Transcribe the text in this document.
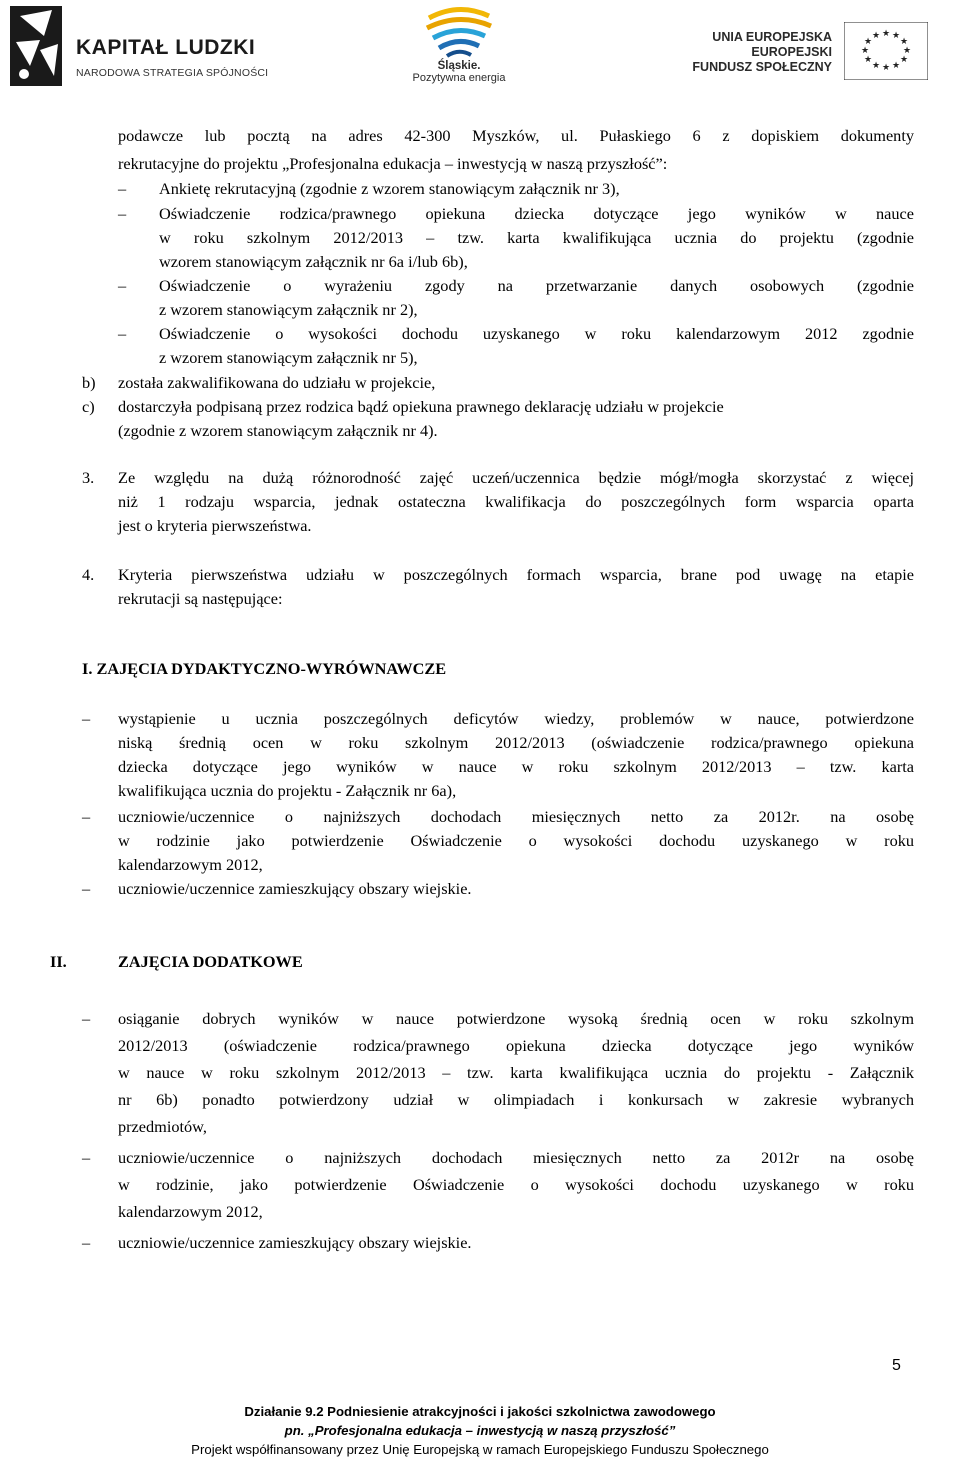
KAPITAŁ LUDZKI
NARODOWA STRATEGIA SPÓJNOŚCI
Śląskie.
Pozytywna energia
UNIA EUROPEJSKA
EUROPEJSKI
FUNDUSZ SPOŁECZNY
★ ★
★
★
★
★
★
★
★
★
★
★
podawcze lub pocztą na adres 42-300 Myszków, ul. Pułaskiego 6 z dopiskiem dokumenty
rekrutacyjne do projektu „Profesjonalna edukacja – inwestycją w naszą przyszłość”:
– Ankietę rekrutacyjną (zgodnie z wzorem stanowiącym załącznik nr 3),
– Oświadczenie rodzica/prawnego opiekuna dziecka dotyczące jego wyników w nauce
w roku szkolnym 2012/2013 – tzw. karta kwalifikująca ucznia do projektu (zgodnie
wzorem stanowiącym załącznik nr 6a i/lub 6b),
– Oświadczenie o wyrażeniu zgody na przetwarzanie danych osobowych (zgodnie
z wzorem stanowiącym załącznik nr 2),
– Oświadczenie o wysokości dochodu uzyskanego w roku kalendarzowym 2012 zgodnie
z wzorem stanowiącym załącznik nr 5),
b) została zakwalifikowana do udziału w projekcie,
c) dostarczyła podpisaną przez rodzica bądź opiekuna prawnego deklarację udziału w projekcie
(zgodnie z wzorem stanowiącym załącznik nr 4).
3. Ze względu na dużą różnorodność zajęć uczeń/uczennica będzie mógł/mogła skorzystać z więcej
niż 1 rodzaju wsparcia, jednak ostateczna kwalifikacja do poszczególnych form wsparcia oparta
jest o kryteria pierwszeństwa.
4. Kryteria pierwszeństwa udziału w poszczególnych formach wsparcia, brane pod uwagę na etapie
rekrutacji są następujące:
I. ZAJĘCIA DYDAKTYCZNO-WYRÓWNAWCZE
– wystąpienie u ucznia poszczególnych deficytów wiedzy, problemów w nauce, potwierdzone
niską średnią ocen w roku szkolnym 2012/2013 (oświadczenie rodzica/prawnego opiekuna
dziecka dotyczące jego wyników w nauce w roku szkolnym 2012/2013 – tzw. karta
kwalifikująca ucznia do projektu - Załącznik nr 6a),
– uczniowie/uczennice o najniższych dochodach miesięcznych netto za 2012r. na osobę
w rodzinie jako potwierdzenie Oświadczenie o wysokości dochodu uzyskanego w roku
kalendarzowym 2012,
– uczniowie/uczennice zamieszkujący obszary wiejskie.
II.	ZAJĘCIA DODATKOWE
– osiąganie dobrych wyników w nauce potwierdzone wysoką średnią ocen w roku szkolnym
2012/2013 (oświadczenie rodzica/prawnego opiekuna dziecka dotyczące jego wyników
w nauce w roku szkolnym 2012/2013 – tzw. karta kwalifikująca ucznia do projektu - Załącznik
nr 6b) ponadto potwierdzony udział w olimpiadach i konkursach w zakresie wybranych
przedmiotów,
– uczniowie/uczennice o najniższych dochodach miesięcznych netto za 2012r na osobę
w rodzinie, jako potwierdzenie Oświadczenie o wysokości dochodu uzyskanego w roku
kalendarzowym 2012,
– uczniowie/uczennice zamieszkujący obszary wiejskie.
5
Działanie 9.2 Podniesienie atrakcyjności i jakości szkolnictwa zawodowego
pn. „Profesjonalna edukacja – inwestycją w naszą przyszłość”
Projekt współfinansowany przez Unię Europejską w ramach Europejskiego Funduszu Społecznego
